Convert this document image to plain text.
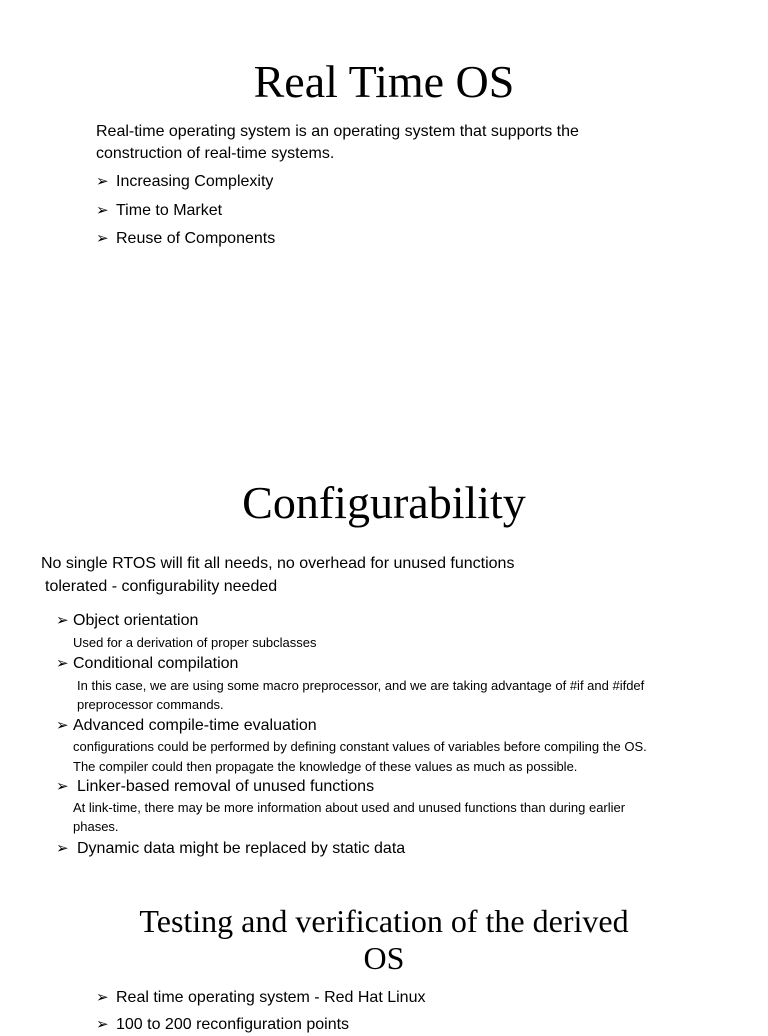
Real Time OS
Real-time operating system is an operating system that supports the
construction of real-time systems.
➢ Increasing Complexity
➢ Time to Market
➢ Reuse of Components
Configurability
No single RTOS will fit all needs, no overhead for unused functions
tolerated - configurability needed
➢ Object orientation
Used for a derivation of proper subclasses
➢ Conditional compilation
In this case, we are using some macro preprocessor, and we are taking advantage of #if and #ifdef
preprocessor commands.
➢ Advanced compile-time evaluation
configurations could be performed by defining constant values of variables before compiling the OS.
The compiler could then propagate the knowledge of these values as much as possible.
➢ Linker-based removal of unused functions
At link-time, there may be more information about used and unused functions than during earlier
phases.
➢ Dynamic data might be replaced by static data
Testing and verification of the derived
OS
➢ Real time operating system - Red Hat Linux
➢ 100 to 200 reconfiguration points
